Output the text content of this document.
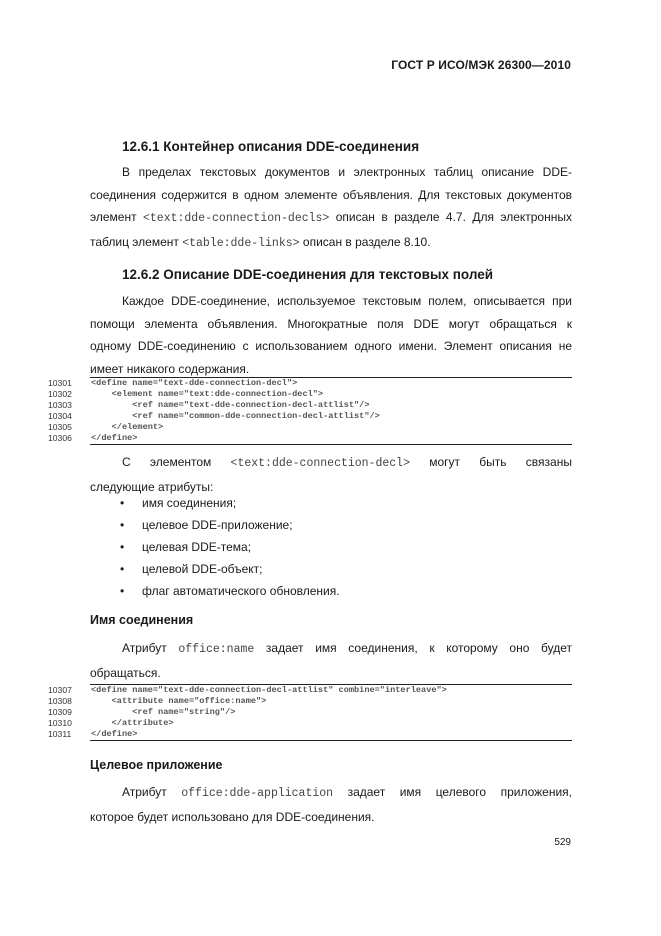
ГОСТ Р ИСО/МЭК 26300—2010
12.6.1 Контейнер описания DDE-соединения
В пределах текстовых документов и электронных таблиц описание DDE-
соединения содержится в одном элементе объявления. Для текстовых документов
элемент <text:dde-connection-decls> описан в разделе 4.7. Для электронных
таблиц элемент <table:dde-links> описан в разделе 8.10.
12.6.2 Описание DDE-соединения для текстовых полей
Каждое DDE-соединение, используемое текстовым полем, описывается при
помощи элемента объявления. Многократные поля DDE могут обращаться к
одному DDE-соединению с использованием одного имени. Элемент описания не
имеет никакого содержания.
10301	<define name="text-dde-connection-decl">
10302	<element name="text:dde-connection-decl">
10303	<ref name="text-dde-connection-decl-attlist"/>
10304	<ref name="common-dde-connection-decl-attlist"/>
10305	</element>
10306	</define>
С элементом <text:dde-connection-decl> могут быть связаны
следующие атрибуты:
• имя соединения;
• целевое DDE-приложение;
• целевая DDE-тема;
• целевой DDE-объект;
• флаг автоматического обновления.
Имя соединения
Атрибут office:name задает имя соединения, к которому оно будет
обращаться.
10307	<define name="text-dde-connection-decl-attlist" combine="interleave">
10308	<attribute name="office:name">
10309	<ref name="string"/>
10310	</attribute>
10311	</define>
Целевое приложение
Атрибут office:dde-application задает имя целевого приложения,
которое будет использовано для DDE-соединения.
529
